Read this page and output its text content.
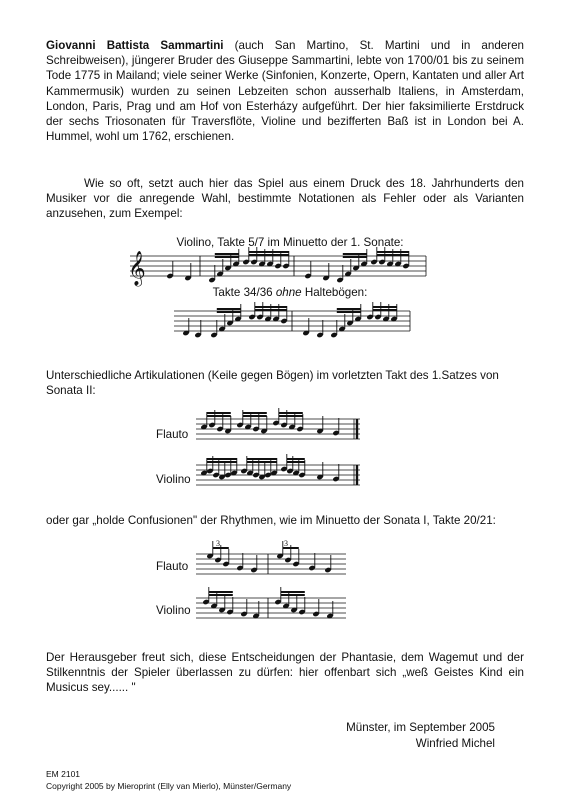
Giovanni Battista Sammartini (auch San Martino, St. Martini und in anderen Schreibweisen), jüngerer Bruder des Giuseppe Sammartini, lebte von 1700/01 bis zu seinem Tode 1775 in Mailand; viele seiner Werke (Sinfonien, Konzerte, Opern, Kantaten und aller Art Kammermusik) wurden zu seinen Lebzeiten schon ausserhalb Italiens, in Amsterdam, London, Paris, Prag und am Hof von Esterházy aufgeführt. Der hier faksimilierte Erstdruck der sechs Triosonaten für Traversflöte, Violine und bezifferten Baß ist in London bei A. Hummel, wohl um 1762, erschienen.

Wie so oft, setzt auch hier das Spiel aus einem Druck des 18. Jahrhunderts den Musiker vor die anregende Wahl, bestimmte Notationen als Fehler oder als Varianten anzusehen, zum Exempel:

Violino, Takte 5/7 im Minuetto der 1. Sonate:
𝄞
Takte 34/36 ohne Haltebögen:

Unterschiedliche Artikulationen (Keile gegen Bögen) im vorletzten Takt des 1.Satzes von Sonata II:

Flauto
Violino

oder gar „holde Confusionen" der Rhythmen, wie im Minuetto der Sonata I, Takte 20/21:

Flauto
3	3
Violino

Der Herausgeber freut sich, diese Entscheidungen der Phantasie, dem Wagemut und der Stilkenntnis der Spieler überlassen zu dürfen: hier offenbart sich „weß Geistes Kind ein Musicus sey...... "

Münster, im September 2005
Winfried Michel
EM 2101
Copyright 2005 by Mieroprint (Elly van Mierlo), Münster/Germany
